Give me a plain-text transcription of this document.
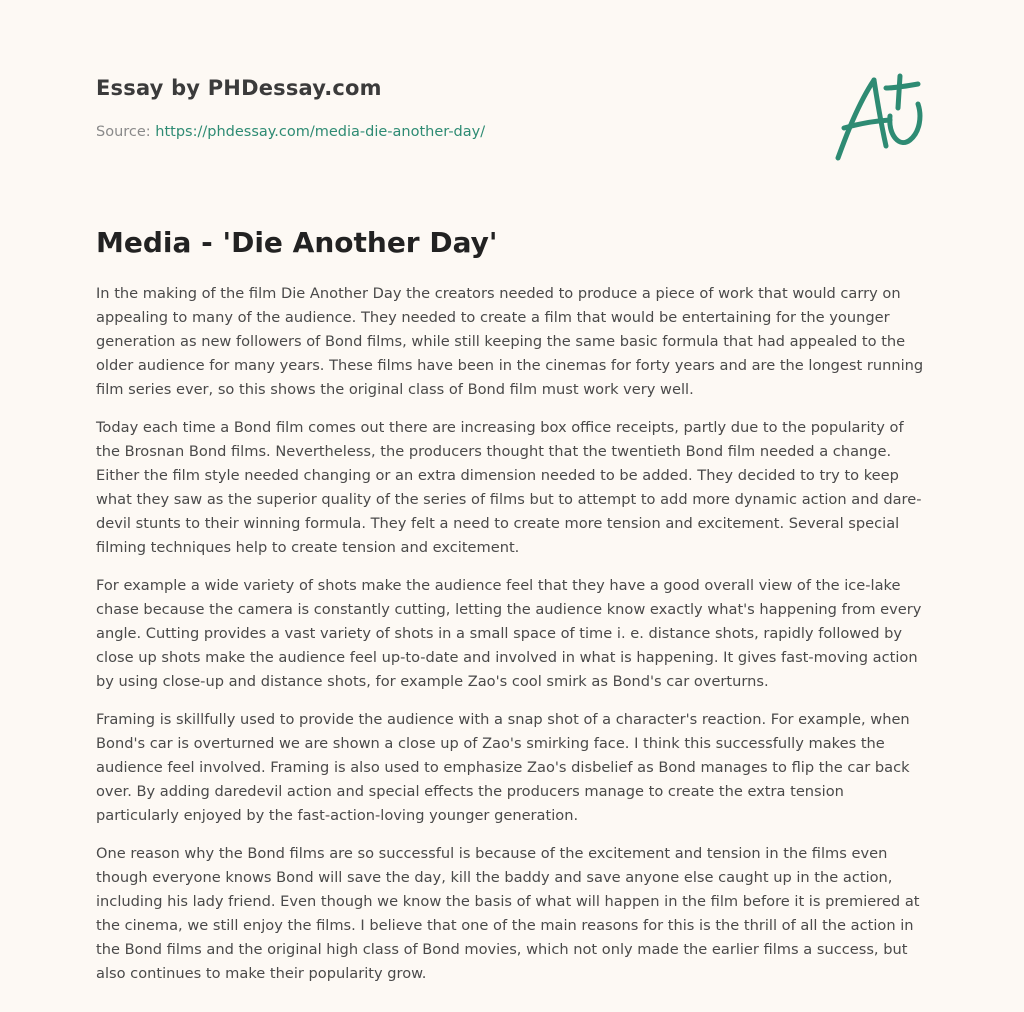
Essay by PHDessay.com
Source: https://phdessay.com/media-die-another-day/
Media - 'Die Another Day'

In the making of the film Die Another Day the creators needed to produce a piece of work that would carry on appealing to many of the audience. They needed to create a film that would be entertaining for the younger generation as new followers of Bond films, while still keeping the same basic formula that had appealed to the older audience for many years. These films have been in the cinemas for forty years and are the longest running film series ever, so this shows the original class of Bond film must work very well.

Today each time a Bond film comes out there are increasing box office receipts, partly due to the popularity of the Brosnan Bond films. Nevertheless, the producers thought that the twentieth Bond film needed a change. Either the film style needed changing or an extra dimension needed to be added. They decided to try to keep what they saw as the superior quality of the series of films but to attempt to add more dynamic action and dare-devil stunts to their winning formula. They felt a need to create more tension and excitement. Several special filming techniques help to create tension and excitement.

For example a wide variety of shots make the audience feel that they have a good overall view of the ice-lake chase because the camera is constantly cutting, letting the audience know exactly what's happening from every angle. Cutting provides a vast variety of shots in a small space of time i. e. distance shots, rapidly followed by close up shots make the audience feel up-to-date and involved in what is happening. It gives fast-moving action by using close-up and distance shots, for example Zao's cool smirk as Bond's car overturns.

Framing is skillfully used to provide the audience with a snap shot of a character's reaction. For example, when Bond's car is overturned we are shown a close up of Zao's smirking face. I think this successfully makes the audience feel involved. Framing is also used to emphasize Zao's disbelief as Bond manages to flip the car back over. By adding daredevil action and special effects the producers manage to create the extra tension particularly enjoyed by the fast-action-loving younger generation.

One reason why the Bond films are so successful is because of the excitement and tension in the films even though everyone knows Bond will save the day, kill the baddy and save anyone else caught up in the action, including his lady friend. Even though we know the basis of what will happen in the film before it is premiered at the cinema, we still enjoy the films. I believe that one of the main reasons for this is the thrill of all the action in the Bond films and the original high class of Bond movies, which not only made the earlier films a success, but also continues to make their popularity grow.
